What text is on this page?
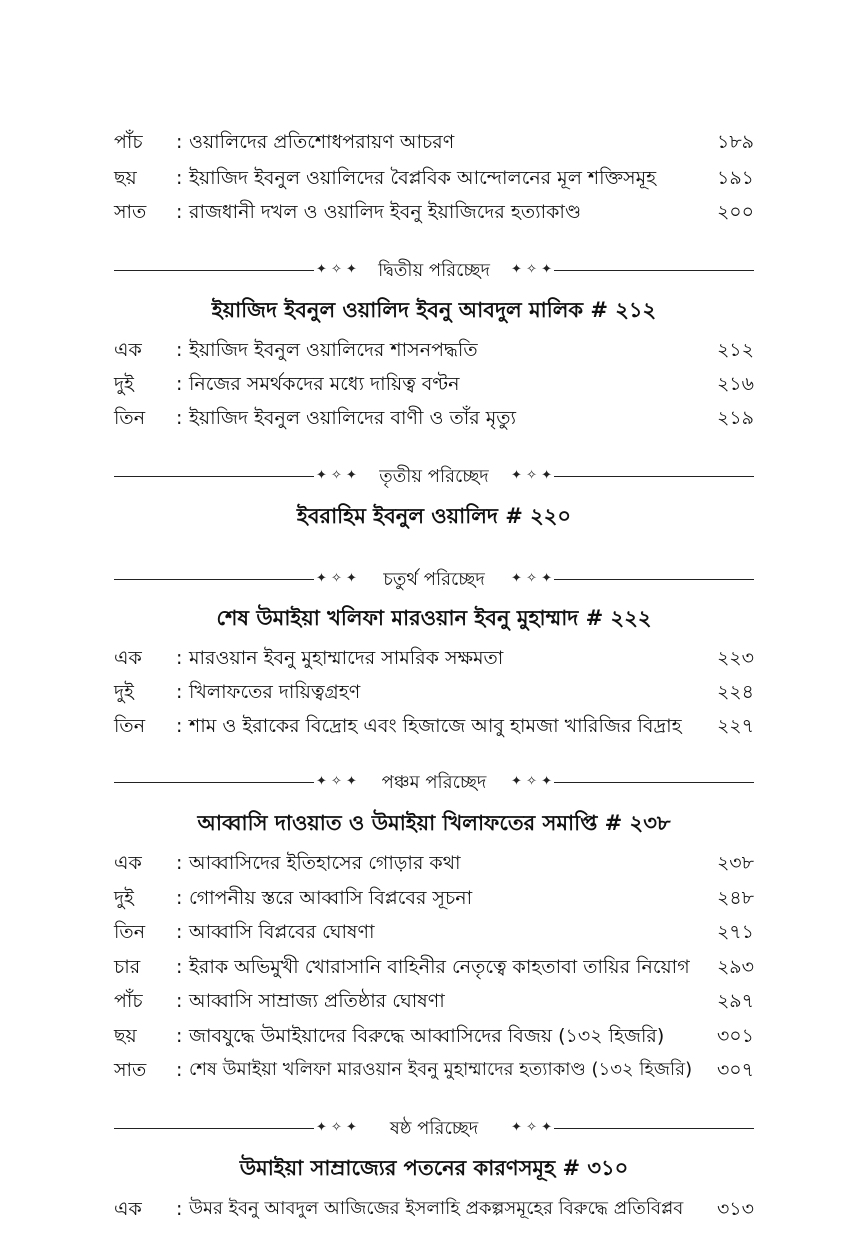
পাঁচ : ওয়ালিদের প্রতিশোধপরায়ণ আচরণ	১৮৯
ছয় : ইয়াজিদ ইবনুল ওয়ালিদের বৈপ্লবিক আন্দোলনের মূল শক্তিসমূহ	১৯১
সাত : রাজধানী দখল ও ওয়ালিদ ইবনু ইয়াজিদের হত্যাকাণ্ড	২০০
✦ ✧ ✦	দ্বিতীয় পরিচ্ছেদ	✦ ✧ ✦
ইয়াজিদ ইবনুল ওয়ালিদ ইবনু আবদুল মালিক # ২১২
এক : ইয়াজিদ ইবনুল ওয়ালিদের শাসনপদ্ধতি	২১২
দুই : নিজের সমর্থকদের মধ্যে দায়িত্ব বণ্টন	২১৬
তিন : ইয়াজিদ ইবনুল ওয়ালিদের বাণী ও তাঁর মৃত্যু	২১৯
✦ ✧ ✦	তৃতীয় পরিচ্ছেদ	✦ ✧ ✦
ইবরাহিম ইবনুল ওয়ালিদ # ২২০
✦ ✧ ✦	চতুর্থ পরিচ্ছেদ	✦ ✧ ✦
শেষ উমাইয়া খলিফা মারওয়ান ইবনু মুহাম্মাদ # ২২২
এক : মারওয়ান ইবনু মুহাম্মাদের সামরিক সক্ষমতা	২২৩
দুই : খিলাফতের দায়িত্বগ্রহণ	২২৪
তিন : শাম ও ইরাকের বিদ্রোহ এবং হিজাজে আবু হামজা খারিজির বিদ্রাহ ২২৭
✦ ✧ ✦	পঞ্চম পরিচ্ছেদ	✦ ✧ ✦
আব্বাসি দাওয়াত ও উমাইয়া খিলাফতের সমাপ্তি # ২৩৮
এক : আব্বাসিদের ইতিহাসের গোড়ার কথা	২৩৮
দুই : গোপনীয় স্তরে আব্বাসি বিপ্লবের সূচনা	২৪৮
তিন : আব্বাসি বিপ্লবের ঘোষণা	২৭১
চার : ইরাক অভিমুখী খোরাসানি বাহিনীর নেতৃত্বে কাহতাবা তায়ির নিয়োগ ২৯৩
পাঁচ : আব্বাসি সাম্রাজ্য প্রতিষ্ঠার ঘোষণা	২৯৭
ছয় : জাবযুদ্ধে উমাইয়াদের বিরুদ্ধে আব্বাসিদের বিজয় (১৩২ হিজরি)	৩০১
সাত : শেষ উমাইয়া খলিফা মারওয়ান ইবনু মুহাম্মাদের হত্যাকাণ্ড (১৩২ হিজরি) ৩০৭
✦ ✧ ✦	ষষ্ঠ পরিচ্ছেদ	✦ ✧ ✦
উমাইয়া সাম্রাজ্যের পতনের কারণসমূহ # ৩১০
এক : উমর ইবনু আবদুল আজিজের ইসলাহি প্রকল্পসমূহের বিরুদ্ধে প্রতিবিপ্লব ৩১৩
